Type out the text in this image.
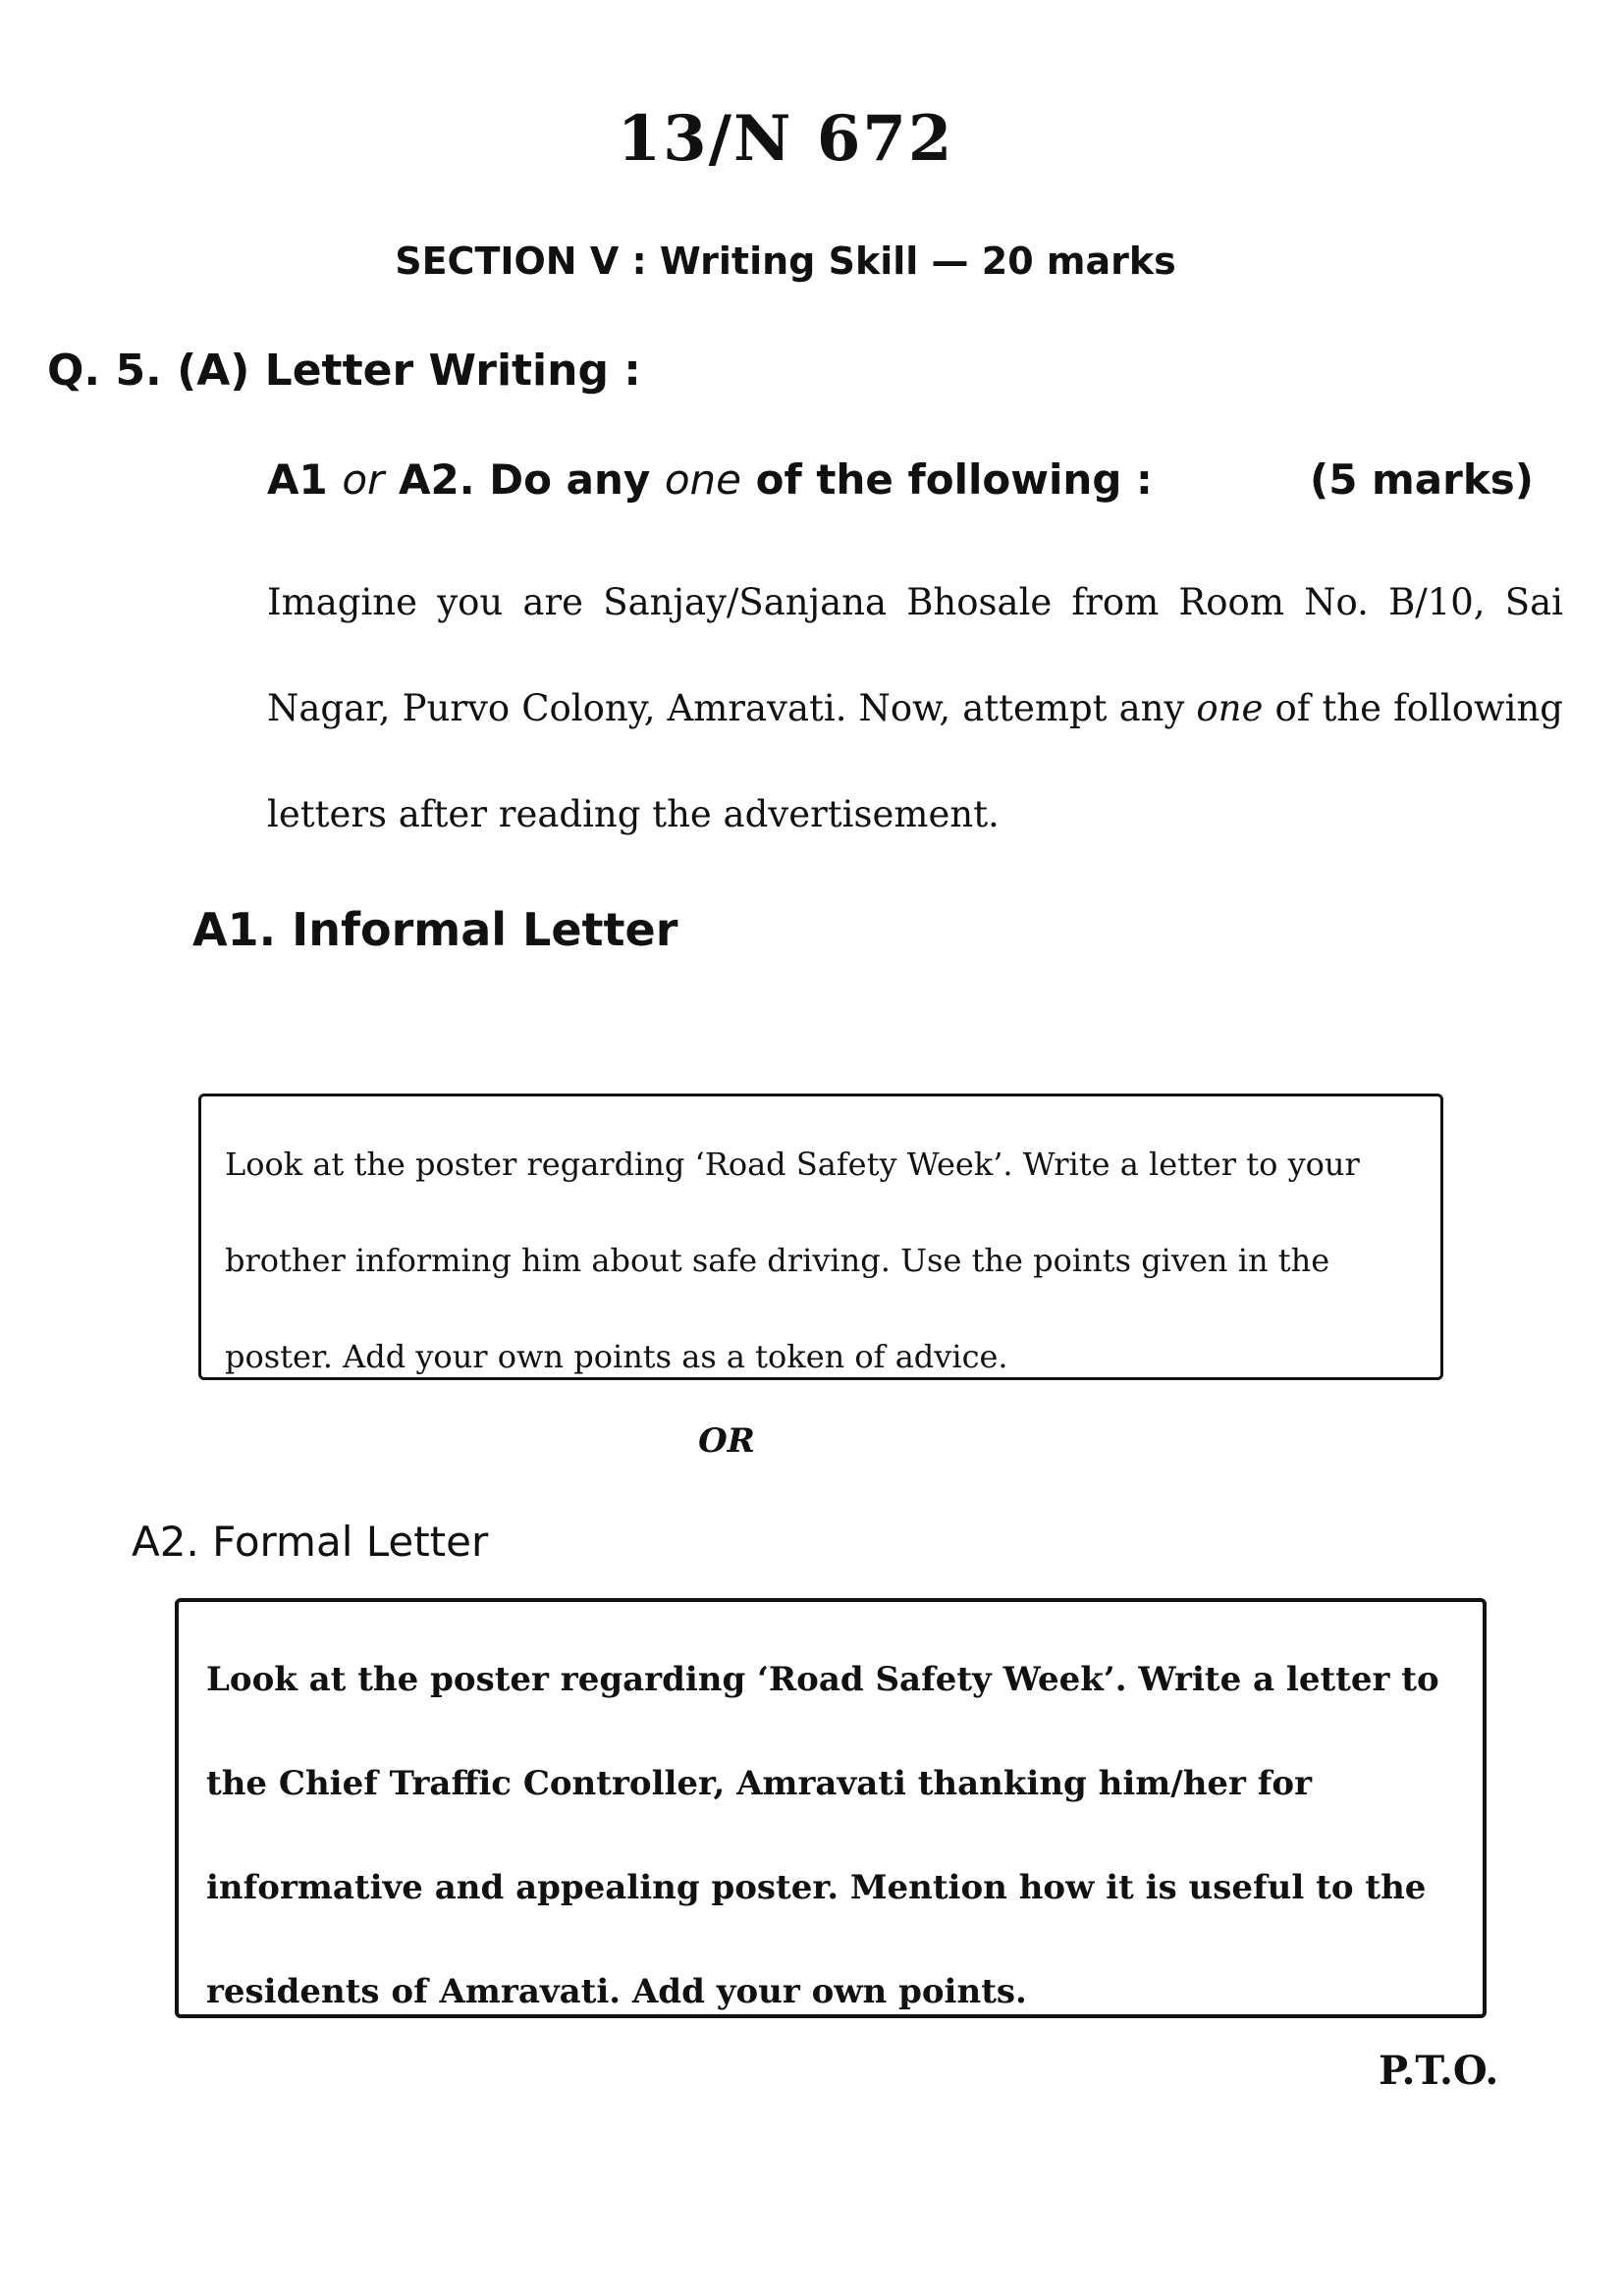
13/N 672
SECTION V : Writing Skill — 20 marks
Q. 5. (A) Letter Writing :
A1 or A2. Do any one of the following :	(5 marks)
Imagine you are Sanjay/Sanjana Bhosale from Room No. B/10, Sai Nagar, Purvo Colony, Amravati. Now, attempt any one of the following letters after reading the advertisement.
A1. Informal Letter
Look at the poster regarding ‘Road Safety Week’. Write a letter to your brother informing him about safe driving. Use the points given in the poster. Add your own points as a token of advice.
OR
A2. Formal Letter
Look at the poster regarding ‘Road Safety Week’. Write a letter to the Chief Traffic Controller, Amravati thanking him/her for informative and appealing poster. Mention how it is useful to the residents of Amravati. Add your own points.
P.T.O.
